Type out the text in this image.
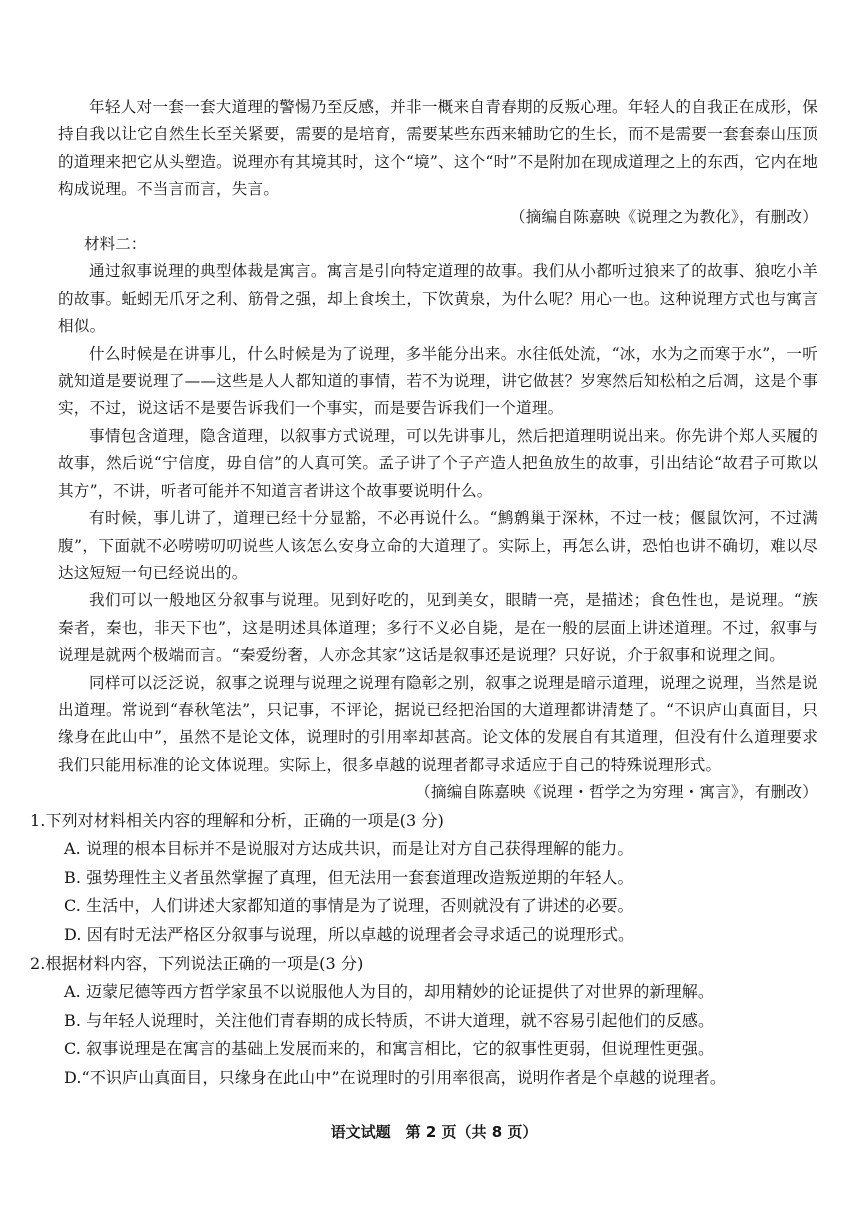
年轻人对一套一套大道理的警惕乃至反感，并非一概来自青春期的反叛心理。年轻人的自我正在成形，保持自我以让它自然生长至关紧要，需要的是培育，需要某些东西来辅助它的生长，而不是需要一套套泰山压顶的道理来把它从头塑造。说理亦有其境其时，这个“境”、这个“时”不是附加在现成道理之上的东西，它内在地构成说理。不当言而言，失言。

（摘编自陈嘉映《说理之为教化》，有删改）

材料二：

通过叙事说理的典型体裁是寓言。寓言是引向特定道理的故事。我们从小都听过狼来了的故事、狼吃小羊的故事。蚯蚓无爪牙之利、筋骨之强，却上食埃土，下饮黄泉，为什么呢？用心一也。这种说理方式也与寓言相似。

什么时候是在讲事儿，什么时候是为了说理，多半能分出来。水往低处流，“冰，水为之而寒于水”，一听就知道是要说理了——这些是人人都知道的事情，若不为说理，讲它做甚？岁寒然后知松柏之后凋，这是个事实，不过，说这话不是要告诉我们一个事实，而是要告诉我们一个道理。

事情包含道理，隐含道理，以叙事方式说理，可以先讲事儿，然后把道理明说出来。你先讲个郑人买履的故事，然后说“宁信度，毋自信”的人真可笑。孟子讲了个子产造人把鱼放生的故事，引出结论“故君子可欺以其方”，不讲，听者可能并不知道言者讲这个故事要说明什么。

有时候，事儿讲了，道理已经十分显豁，不必再说什么。“鹪鹩巢于深林，不过一枝；偃鼠饮河，不过满腹”，下面就不必唠唠叨叨说些人该怎么安身立命的大道理了。实际上，再怎么讲，恐怕也讲不确切，难以尽达这短短一句已经说出的。

我们可以一般地区分叙事与说理。见到好吃的，见到美女，眼睛一亮，是描述；食色性也，是说理。“族秦者，秦也，非天下也”，这是明述具体道理；多行不义必自毙，是在一般的层面上讲述道理。不过，叙事与说理是就两个极端而言。“秦爱纷奢，人亦念其家”这话是叙事还是说理？只好说，介于叙事和说理之间。

同样可以泛泛说，叙事之说理与说理之说理有隐彰之别，叙事之说理是暗示道理，说理之说理，当然是说出道理。常说到“春秋笔法”，只记事，不评论，据说已经把治国的大道理都讲清楚了。“不识庐山真面目，只缘身在此山中”，虽然不是论文体，说理时的引用率却甚高。论文体的发展自有其道理，但没有什么道理要求我们只能用标准的论文体说理。实际上，很多卓越的说理者都寻求适应于自己的特殊说理形式。

（摘编自陈嘉映《说理・哲学之为穷理・寓言》，有删改）

1.下列对材料相关内容的理解和分析，正确的一项是(3 分)

A. 说理的根本目标并不是说服对方达成共识，而是让对方自己获得理解的能力。

B. 强势理性主义者虽然掌握了真理，但无法用一套套道理改造叛逆期的年轻人。

C. 生活中，人们讲述大家都知道的事情是为了说理，否则就没有了讲述的必要。

D. 因有时无法严格区分叙事与说理，所以卓越的说理者会寻求适己的说理形式。

2.根据材料内容，下列说法正确的一项是(3 分)

A. 迈蒙尼德等西方哲学家虽不以说服他人为目的，却用精妙的论证提供了对世界的新理解。

B. 与年轻人说理时，关注他们青春期的成长特质，不讲大道理，就不容易引起他们的反感。

C. 叙事说理是在寓言的基础上发展而来的，和寓言相比，它的叙事性更弱，但说理性更强。

D.“不识庐山真面目，只缘身在此山中”在说理时的引用率很高，说明作者是个卓越的说理者。

语文试题　第 2 页（共 8 页）
